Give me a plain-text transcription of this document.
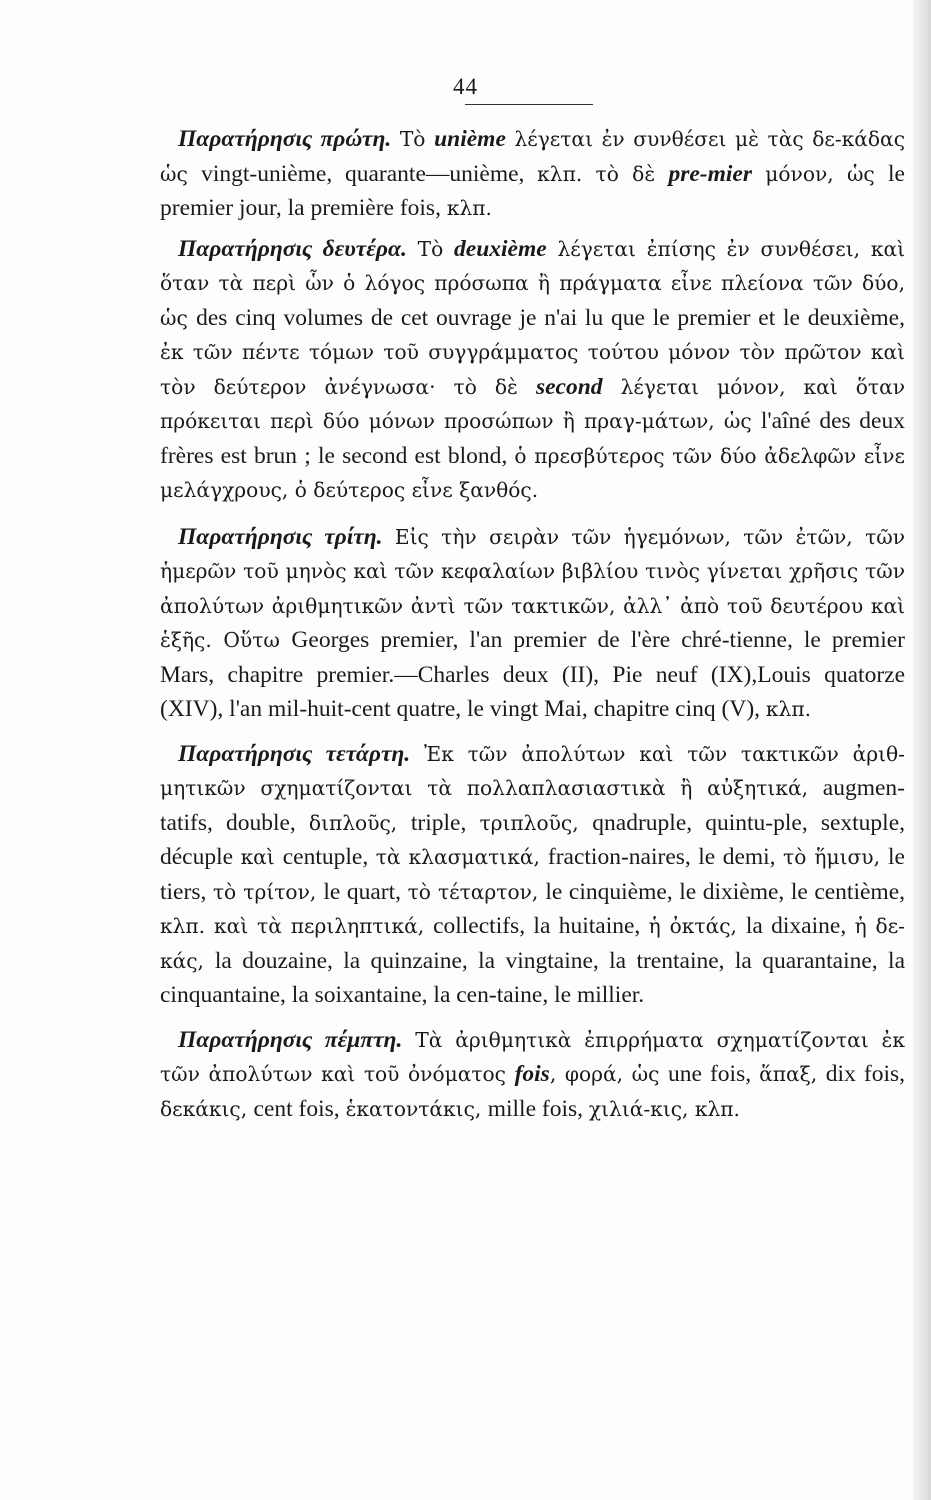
44

Παρατήρησις πρώτη. Τὸ unième λέγεται ἐν συνθέσει μὲ τὰς δε-κάδας ὡς vingt-unième, quarante—unième, κλπ. τὸ δὲ pre-mier μόνον, ὡς le premier jour, la première fois, κλπ.

Παρατήρησις δευτέρα. Τὸ deuxième λέγεται ἐπίσης ἐν συνθέσει, καὶ ὅταν τὰ περὶ ὧν ὁ λόγος πρόσωπα ἢ πράγματα εἶνε πλείονα τῶν δύο, ὡς des cinq volumes de cet ouvrage je n'ai lu que le premier et le deuxième, ἐκ τῶν πέντε τόμων τοῦ συγγράμματος τούτου μόνον τὸν πρῶτον καὶ τὸν δεύτερον ἀνέγνωσα· τὸ δὲ second λέγεται μόνον, καὶ ὅταν πρόκειται περὶ δύο μόνων προσώπων ἢ πραγ-μάτων, ὡς l'aîné des deux frères est brun ; le second est blond, ὁ πρεσβύτερος τῶν δύο ἀδελφῶν εἶνε μελάγχρους, ὁ δεύτερος εἶνε ξανθός.

Παρατήρησις τρίτη. Εἰς τὴν σειρὰν τῶν ἡγεμόνων, τῶν ἐτῶν, τῶν ἡμερῶν τοῦ μηνὸς καὶ τῶν κεφαλαίων βιβλίου τινὸς γίνεται χρῆσις τῶν ἀπολύτων ἀριθμητικῶν ἀντὶ τῶν τακτικῶν, ἀλλ᾿ ἀπὸ τοῦ δευτέρου καὶ ἑξῆς. Οὕτω Georges premier, l'an premier de l'ère chré-tienne, le premier Mars, chapitre premier.—Charles deux (II), Pie neuf (IX),Louis quatorze (XIV), l'an mil-huit-cent quatre, le vingt Mai, chapitre cinq (V), κλπ.

Παρατήρησις τετάρτη. Ἐκ τῶν ἀπολύτων καὶ τῶν τακτικῶν ἀριθ-μητικῶν σχηματίζονται τὰ πολλαπλασιαστικὰ ἢ αὐξητικά, augmen-tatifs, double, διπλοῦς, triple, τριπλοῦς, qnadruple, quintu-ple, sextuple, décuple καὶ centuple, τὰ κλασματικά, fraction-naires, le demi, τὸ ἥμισυ, le tiers, τὸ τρίτον, le quart, τὸ τέταρτον, le cinquième, le dixième, le centième, κλπ. καὶ τὰ περιληπτικά, collectifs, la huitaine, ἡ ὀκτάς, la dixaine, ἡ δε-κάς, la douzaine, la quinzaine, la vingtaine, la trentaine, la quarantaine, la cinquantaine, la soixantaine, la cen-taine, le millier.

Παρατήρησις πέμπτη. Τὰ ἀριθμητικὰ ἐπιρρήματα σχηματίζονται ἐκ τῶν ἀπολύτων καὶ τοῦ ὀνόματος fois, φορά, ὡς une fois, ἅπαξ, dix fois, δεκάκις, cent fois, ἑκατοντάκις, mille fois, χιλιά-κις, κλπ.
